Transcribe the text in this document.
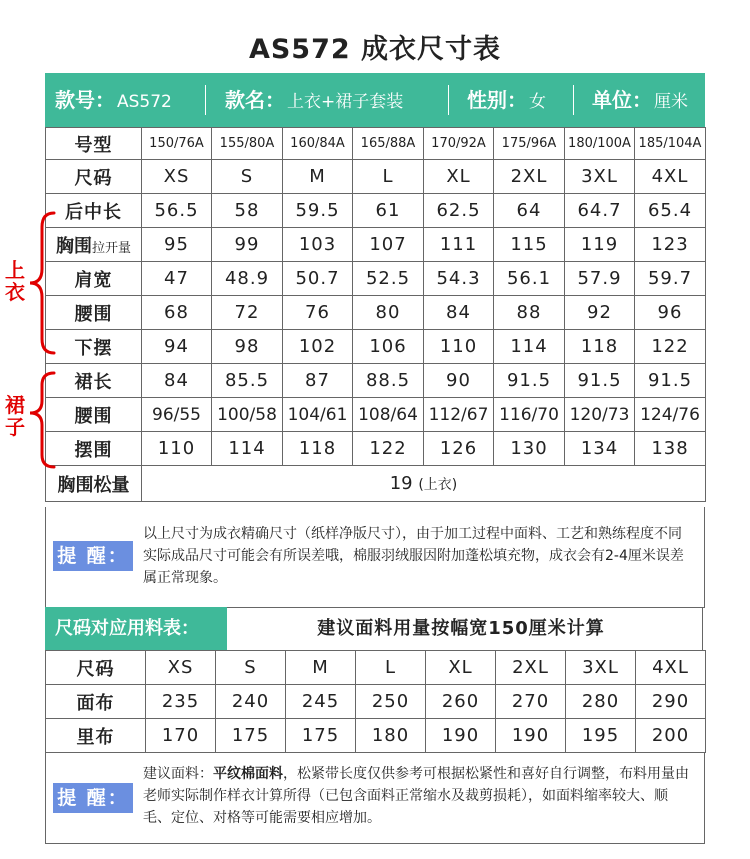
AS572 成衣尺寸表
款号： AS572	款名： 上衣+裙子套装	性别： 女 单位： 厘米
号型	150/76A	155/80A	160/84A	165/88A	170/92A	175/96A	180/100A	185/104A
尺码	XS	S	M	L	XL	2XL	3XL	4XL
后中长	56.5	58	59.5	61	62.5	64	64.7	65.4
胸围拉开量	95	99	103	107	111	115	119	123
肩宽	47	48.9	50.7	52.5	54.3	56.1	57.9	59.7
腰围	68	72	76	80	84	88	92	96
下摆	94	98	102	106	110	114	118	122
裙长	84	85.5	87	88.5	90	91.5	91.5	91.5
腰围	96/55	100/58	104/61	108/64	112/67	116/70	120/73	124/76
摆围	110	114	118	122	126	130	134	138
胸围松量	19 (上衣)							
上
衣
裙
子
提 醒：
以上尺寸为成衣精确尺寸（纸样净版尺寸），由于加工过程中面料、工艺和熟练程度不同实际成品尺寸可能会有所误差哦，棉服羽绒服因附加蓬松填充物，成衣会有2-4厘米误差属正常现象。
尺码对应用料表：	建议面料用量按幅宽150厘米计算
尺码	XS	S	M	L	XL	2XL	3XL	4XL
面布	235	240	245	250	260	270	280	290
里布	170	175	175	180	190	190	195	200
提 醒：
建议面料：平纹棉面料，松紧带长度仅供参考可根据松紧性和喜好自行调整，布料用量由老师实际制作样衣计算所得（已包含面料正常缩水及裁剪损耗），如面料缩率较大、顺毛、定位、对格等可能需要相应增加。
